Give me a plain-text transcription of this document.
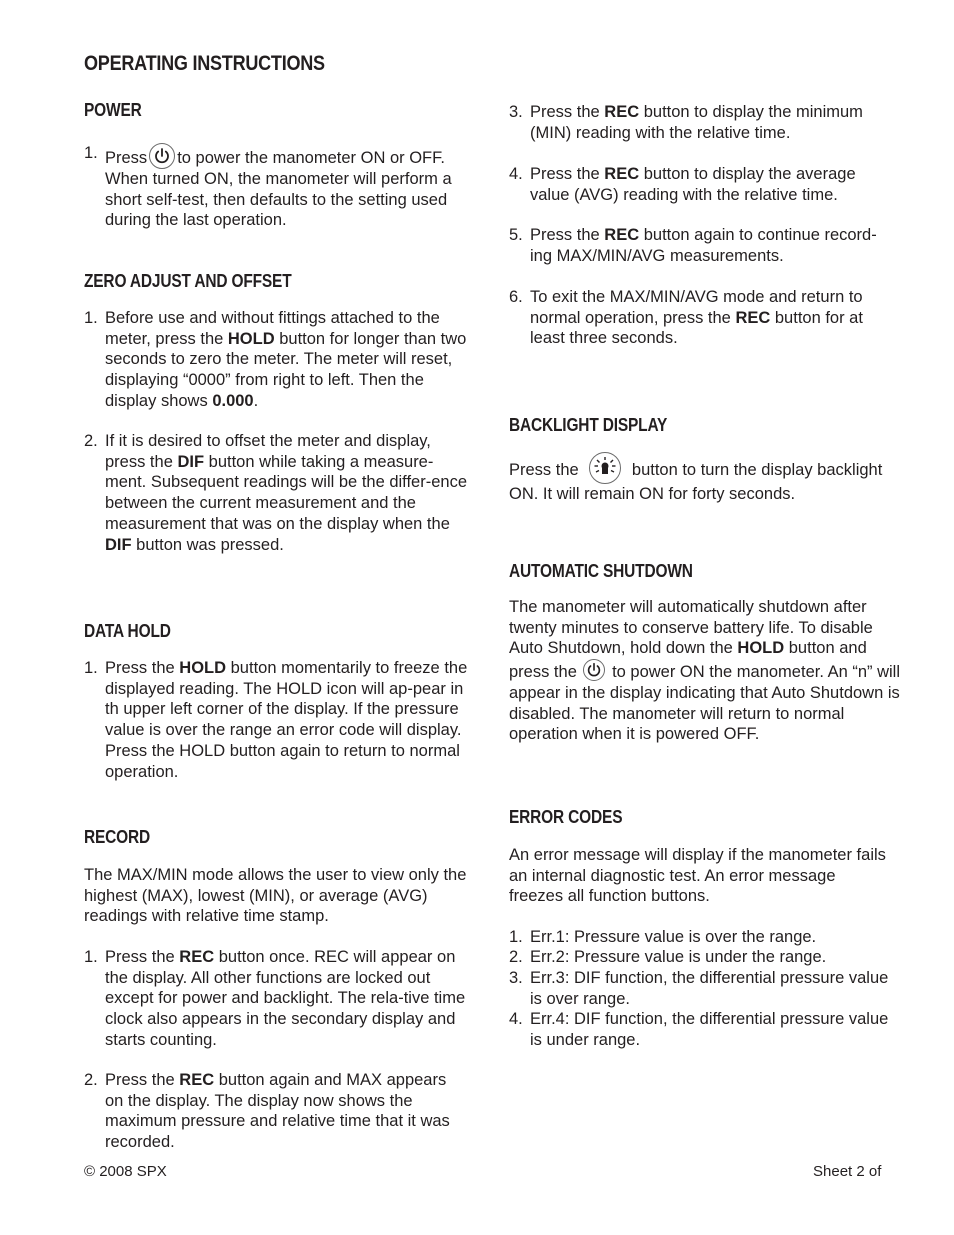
OPERATING INSTRUCTIONS
POWER
1. Press to power the manometer ON or OFF. When turned ON, the manometer will perform a short self-test, then defaults to the setting used during the last operation.
ZERO ADJUST AND OFFSET
1. Before use and without fittings attached to the meter, press the HOLD button for longer than two seconds to zero the meter. The meter will reset, displaying “0000” from right to left. Then the display shows 0.000.
2. If it is desired to offset the meter and display, press the DIF button while taking a measure-ment. Subsequent readings will be the differ-ence between the current measurement and the measurement that was on the display when the DIF button was pressed.
DATA HOLD
1. Press the HOLD button momentarily to freeze the displayed reading. The HOLD icon will ap-pear in th upper left corner of the display. If the pressure value is over the range an error code will display. Press the HOLD button again to return to normal operation.
RECORD
The MAX/MIN mode allows the user to view only the highest (MAX), lowest (MIN), or average (AVG) readings with relative time stamp.
1. Press the REC button once. REC will appear on the display. All other functions are locked out except for power and backlight. The rela-tive time clock also appears in the secondary display and starts counting.
2. Press the REC button again and MAX appears on the display. The display now shows the maximum pressure and relative time that it was recorded.
3. Press the REC button to display the minimum (MIN) reading with the relative time.
4. Press the REC button to display the average value (AVG) reading with the relative time.
5. Press the REC button again to continue record-ing MAX/MIN/AVG measurements.
6. To exit the MAX/MIN/AVG mode and return to normal operation, press the REC button for at least three seconds.
BACKLIGHT DISPLAY
Press the	button to turn the display backlight ON. It will remain ON for forty seconds.
AUTOMATIC SHUTDOWN
The manometer will automatically shutdown after twenty minutes to conserve battery life. To disable Auto Shutdown, hold down the HOLD button and press the to power ON the manometer. An “n” will appear in the display indicating that Auto Shutdown is disabled. The manometer will return to normal operation when it is powered OFF.
ERROR CODES
An error message will display if the manometer fails an internal diagnostic test. An error message freezes all function buttons.
1. Err.1: Pressure value is over the range.
2. Err.2: Pressure value is under the range.
3. Err.3: DIF function, the differential pressure value is over range.
4. Err.4: DIF function, the differential pressure value is under range.
© 2008 SPX	Sheet 2 of
